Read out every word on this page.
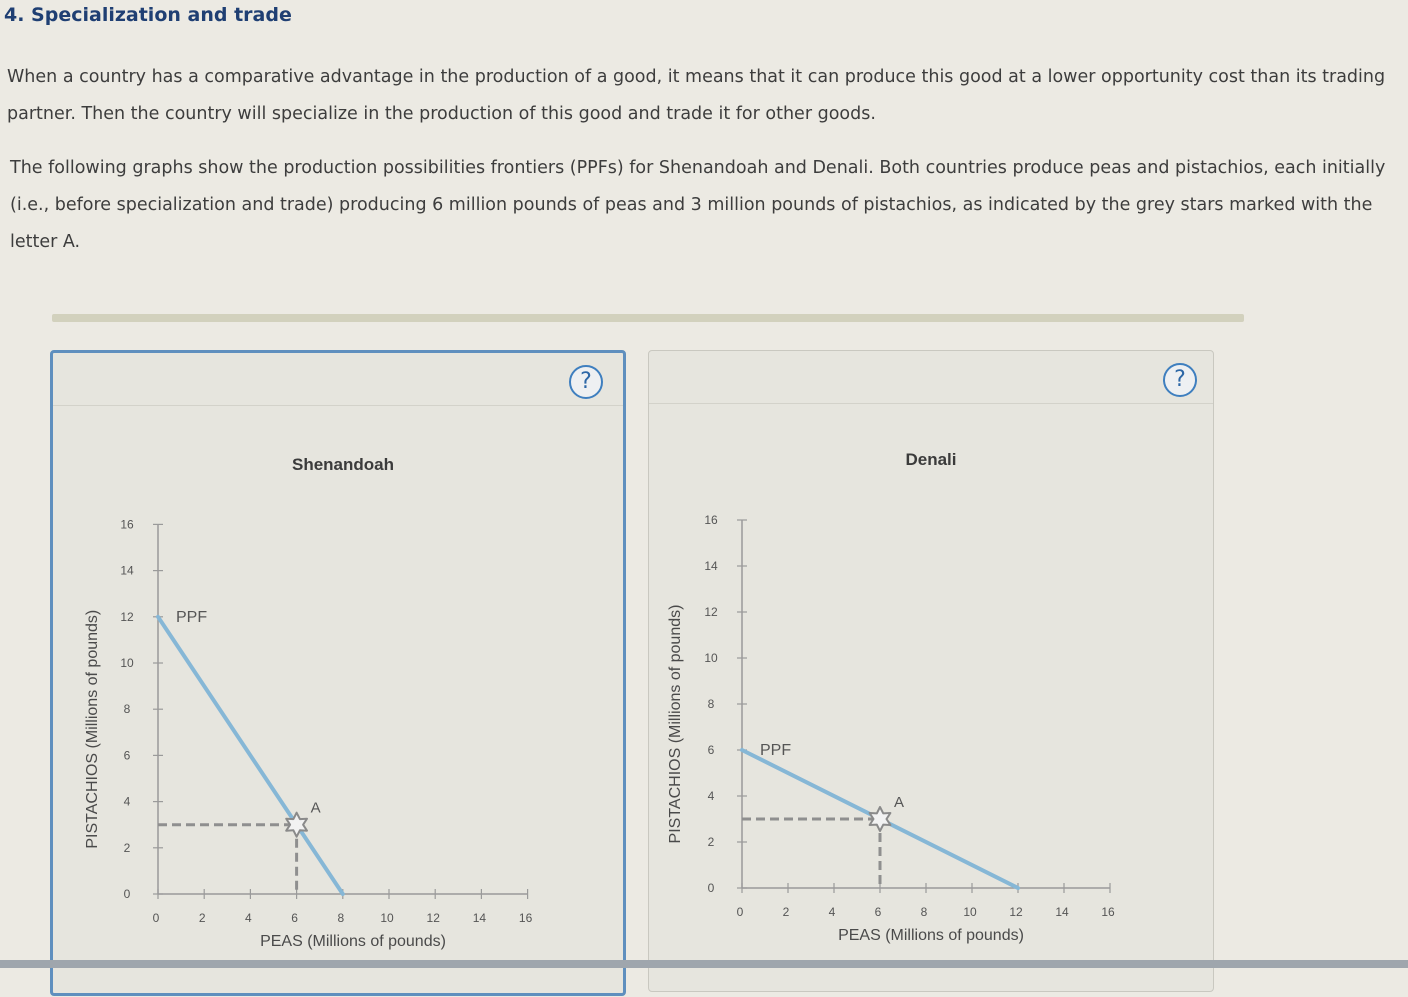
4. Specialization and trade
When a country has a comparative advantage in the production of a good, it means that it can produce this good at a lower opportunity cost than its trading partner. Then the country will specialize in the production of this good and trade it for other goods.
The following graphs show the production possibilities frontiers (PPFs) for Shenandoah and Denali. Both countries produce peas and pistachios, each initially (i.e., before specialization and trade) producing 6 million pounds of peas and 3 million pounds of pistachios, as indicated by the grey stars marked with the letter A.
?
Shenandoah
0	2	4	6	8	10	12	14	16
0
2
4
6
8
10
12
14
16
PEAS (Millions of pounds)
PISTACHIOS (Millions of pounds)	PPF
A
?
Denali
0	2	4	6	8	10	12	14	16
0
2
4
6
8
10
12
14
16
PEAS (Millions of pounds)
PISTACHIOS (Millions of pounds)	PPF
A
